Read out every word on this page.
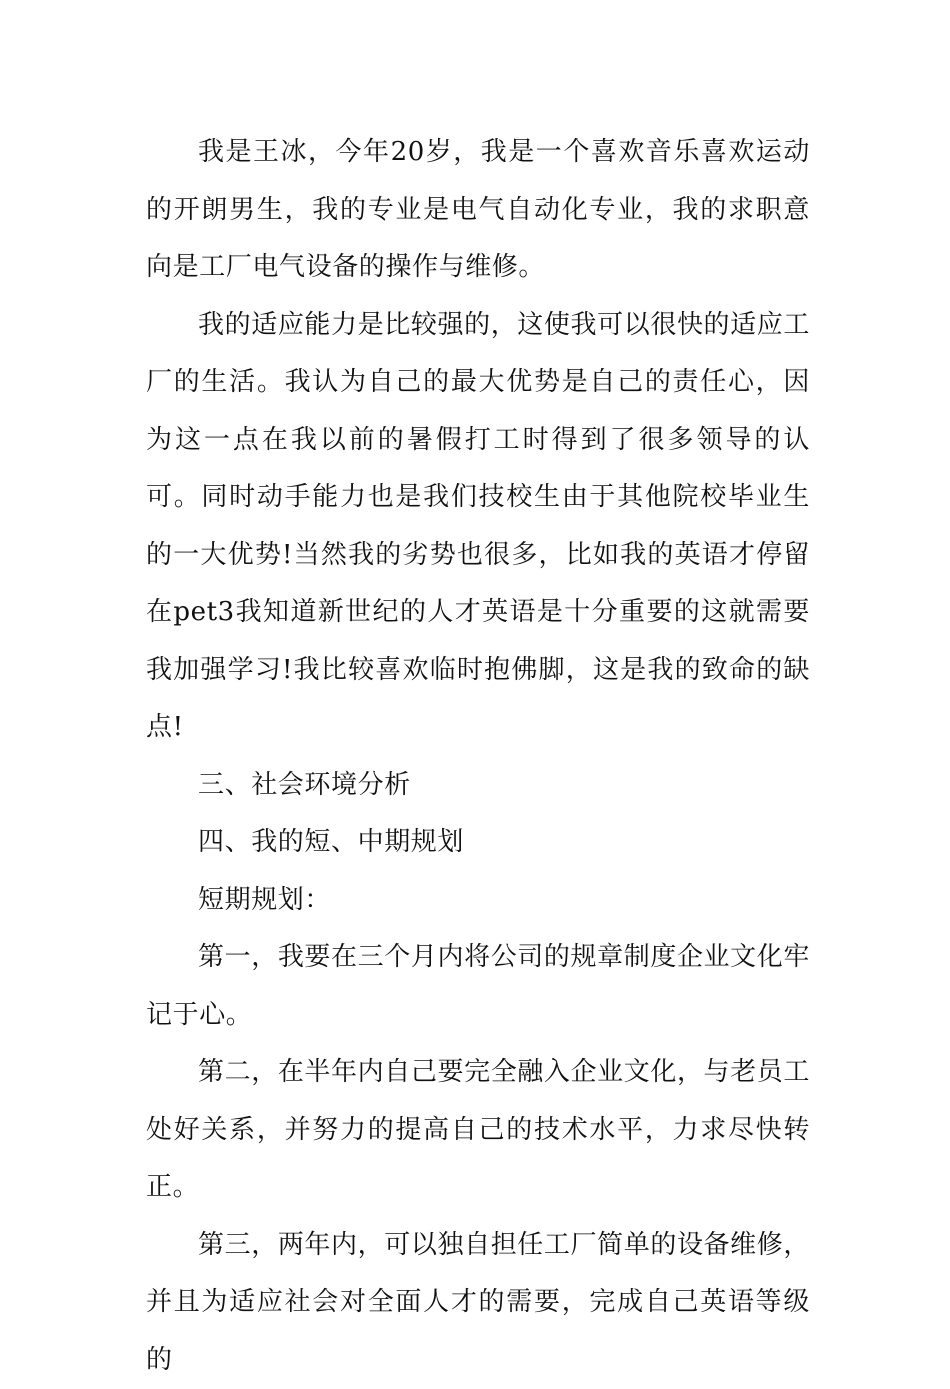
我是王冰，今年20岁，我是一个喜欢音乐喜欢运动的开朗男生，我的专业是电气自动化专业，我的求职意向是工厂电气设备的操作与维修。

我的适应能力是比较强的，这使我可以很快的适应工厂的生活。我认为自己的最大优势是自己的责任心，因为这一点在我以前的暑假打工时得到了很多领导的认可。同时动手能力也是我们技校生由于其他院校毕业生的一大优势!当然我的劣势也很多，比如我的英语才停留在pet3我知道新世纪的人才英语是十分重要的这就需要我加强学习!我比较喜欢临时抱佛脚，这是我的致命的缺点!

三、社会环境分析

四、我的短、中期规划

短期规划：

第一，我要在三个月内将公司的规章制度企业文化牢记于心。

第二，在半年内自己要完全融入企业文化，与老员工处好关系，并努力的提高自己的技术水平，力求尽快转正。

第三，两年内，可以独自担任工厂简单的设备维修，并且为适应社会对全面人才的需要，完成自己英语等级的
